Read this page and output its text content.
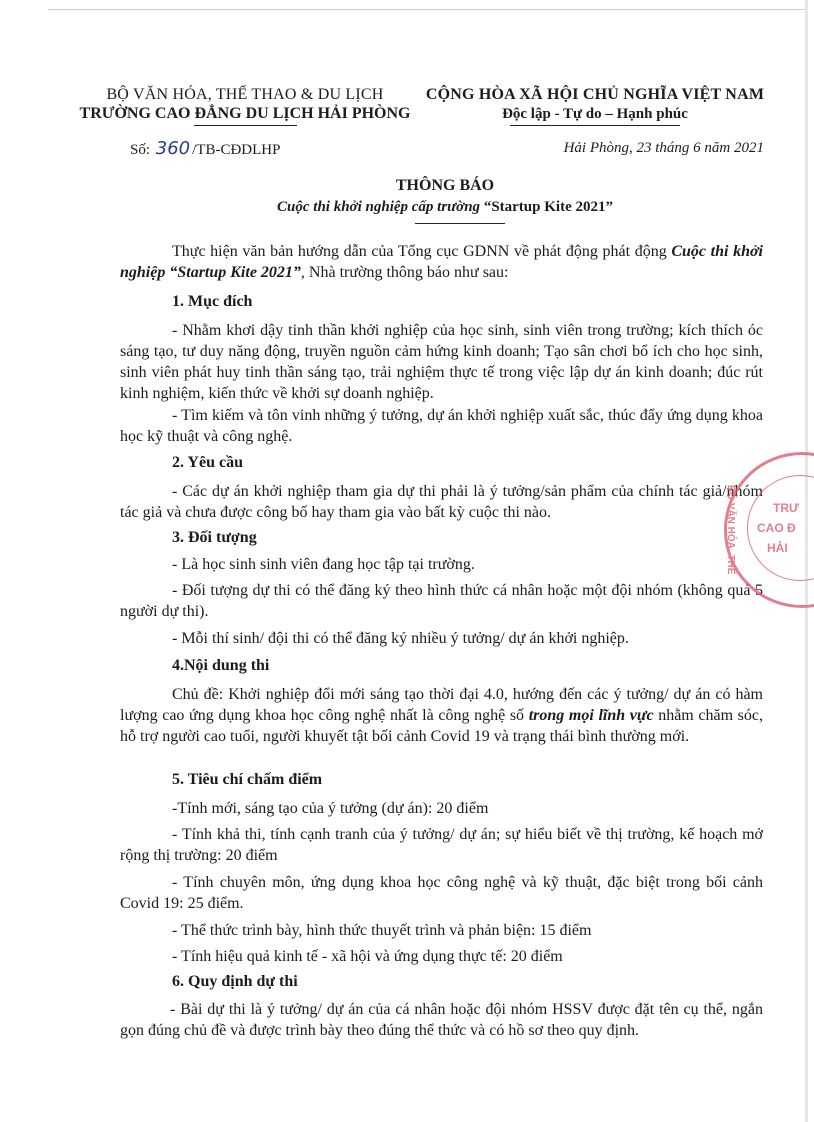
BỘ VĂN HÓA, THỂ THAO & DU LỊCH
TRƯỜNG CAO ĐẲNG DU LỊCH HẢI PHÒNG
CỘNG HÒA XÃ HỘI CHỦ NGHĨA VIỆT NAM
Độc lập - Tự do – Hạnh phúc
Số: 360 /TB-CĐDLHP	Hải Phòng, 23 tháng 6 năm 2021
THÔNG BÁO
Cuộc thi khởi nghiệp cấp trường “Startup Kite 2021”
Thực hiện văn bản hướng dẫn của Tổng cục GDNN về phát động phát động Cuộc thi khởi nghiệp “Startup Kite 2021”, Nhà trường thông báo như sau:
1. Mục đích
- Nhằm khơi dậy tinh thần khởi nghiệp của học sinh, sinh viên trong trường; kích thích óc sáng tạo, tư duy năng động, truyền nguồn cảm hứng kinh doanh; Tạo sân chơi bổ ích cho học sinh, sinh viên phát huy tinh thần sáng tạo, trải nghiệm thực tế trong việc lập dự án kinh doanh; đúc rút kinh nghiệm, kiến thức về khởi sự doanh nghiệp.
- Tìm kiếm và tôn vinh những ý tưởng, dự án khởi nghiệp xuất sắc, thúc đẩy ứng dụng khoa học kỹ thuật và công nghệ.
2. Yêu cầu
- Các dự án khởi nghiệp tham gia dự thi phải là ý tưởng/sản phẩm của chính tác giả/nhóm tác giả và chưa được công bố hay tham gia vào bất kỳ cuộc thi nào.
3. Đối tượng
- Là học sinh sinh viên đang học tập tại trường.
- Đối tượng dự thi có thể đăng ký theo hình thức cá nhân hoặc một đội nhóm (không quá 5 người dự thi).
- Mỗi thí sinh/ đội thi có thể đăng ký nhiều ý tưởng/ dự án khởi nghiệp.
4.Nội dung thi
Chủ đề: Khởi nghiệp đổi mới sáng tạo thời đại 4.0, hướng đến các ý tưởng/ dự án có hàm lượng cao ứng dụng khoa học công nghệ nhất là công nghệ số trong mọi lĩnh vực nhằm chăm sóc, hỗ trợ người cao tuổi, người khuyết tật bối cảnh Covid 19 và trạng thái bình thường mới.
5. Tiêu chí chấm điểm
-Tính mới, sáng tạo của ý tưởng (dự án): 20 điểm
- Tính khả thi, tính cạnh tranh của ý tưởng/ dự án; sự hiểu biết về thị trường, kế hoạch mở rộng thị trường: 20 điểm
- Tính chuyên môn, ứng dụng khoa học công nghệ và kỹ thuật, đặc biệt trong bối cảnh Covid 19: 25 điểm.
- Thể thức trình bày, hình thức thuyết trình và phản biện: 15 điểm
- Tính hiệu quả kinh tế - xã hội và ứng dụng thực tế: 20 điểm
6. Quy định dự thi
- Bài dự thi là ý tưởng/ dự án của cá nhân hoặc đội nhóm HSSV được đặt tên cụ thể, ngắn gọn đúng chủ đề và được trình bày theo đúng thể thức và có hồ sơ theo quy định.
TRƯ
CAO Đ
HẢI
BỘ VĂN HÓA, THỂ
